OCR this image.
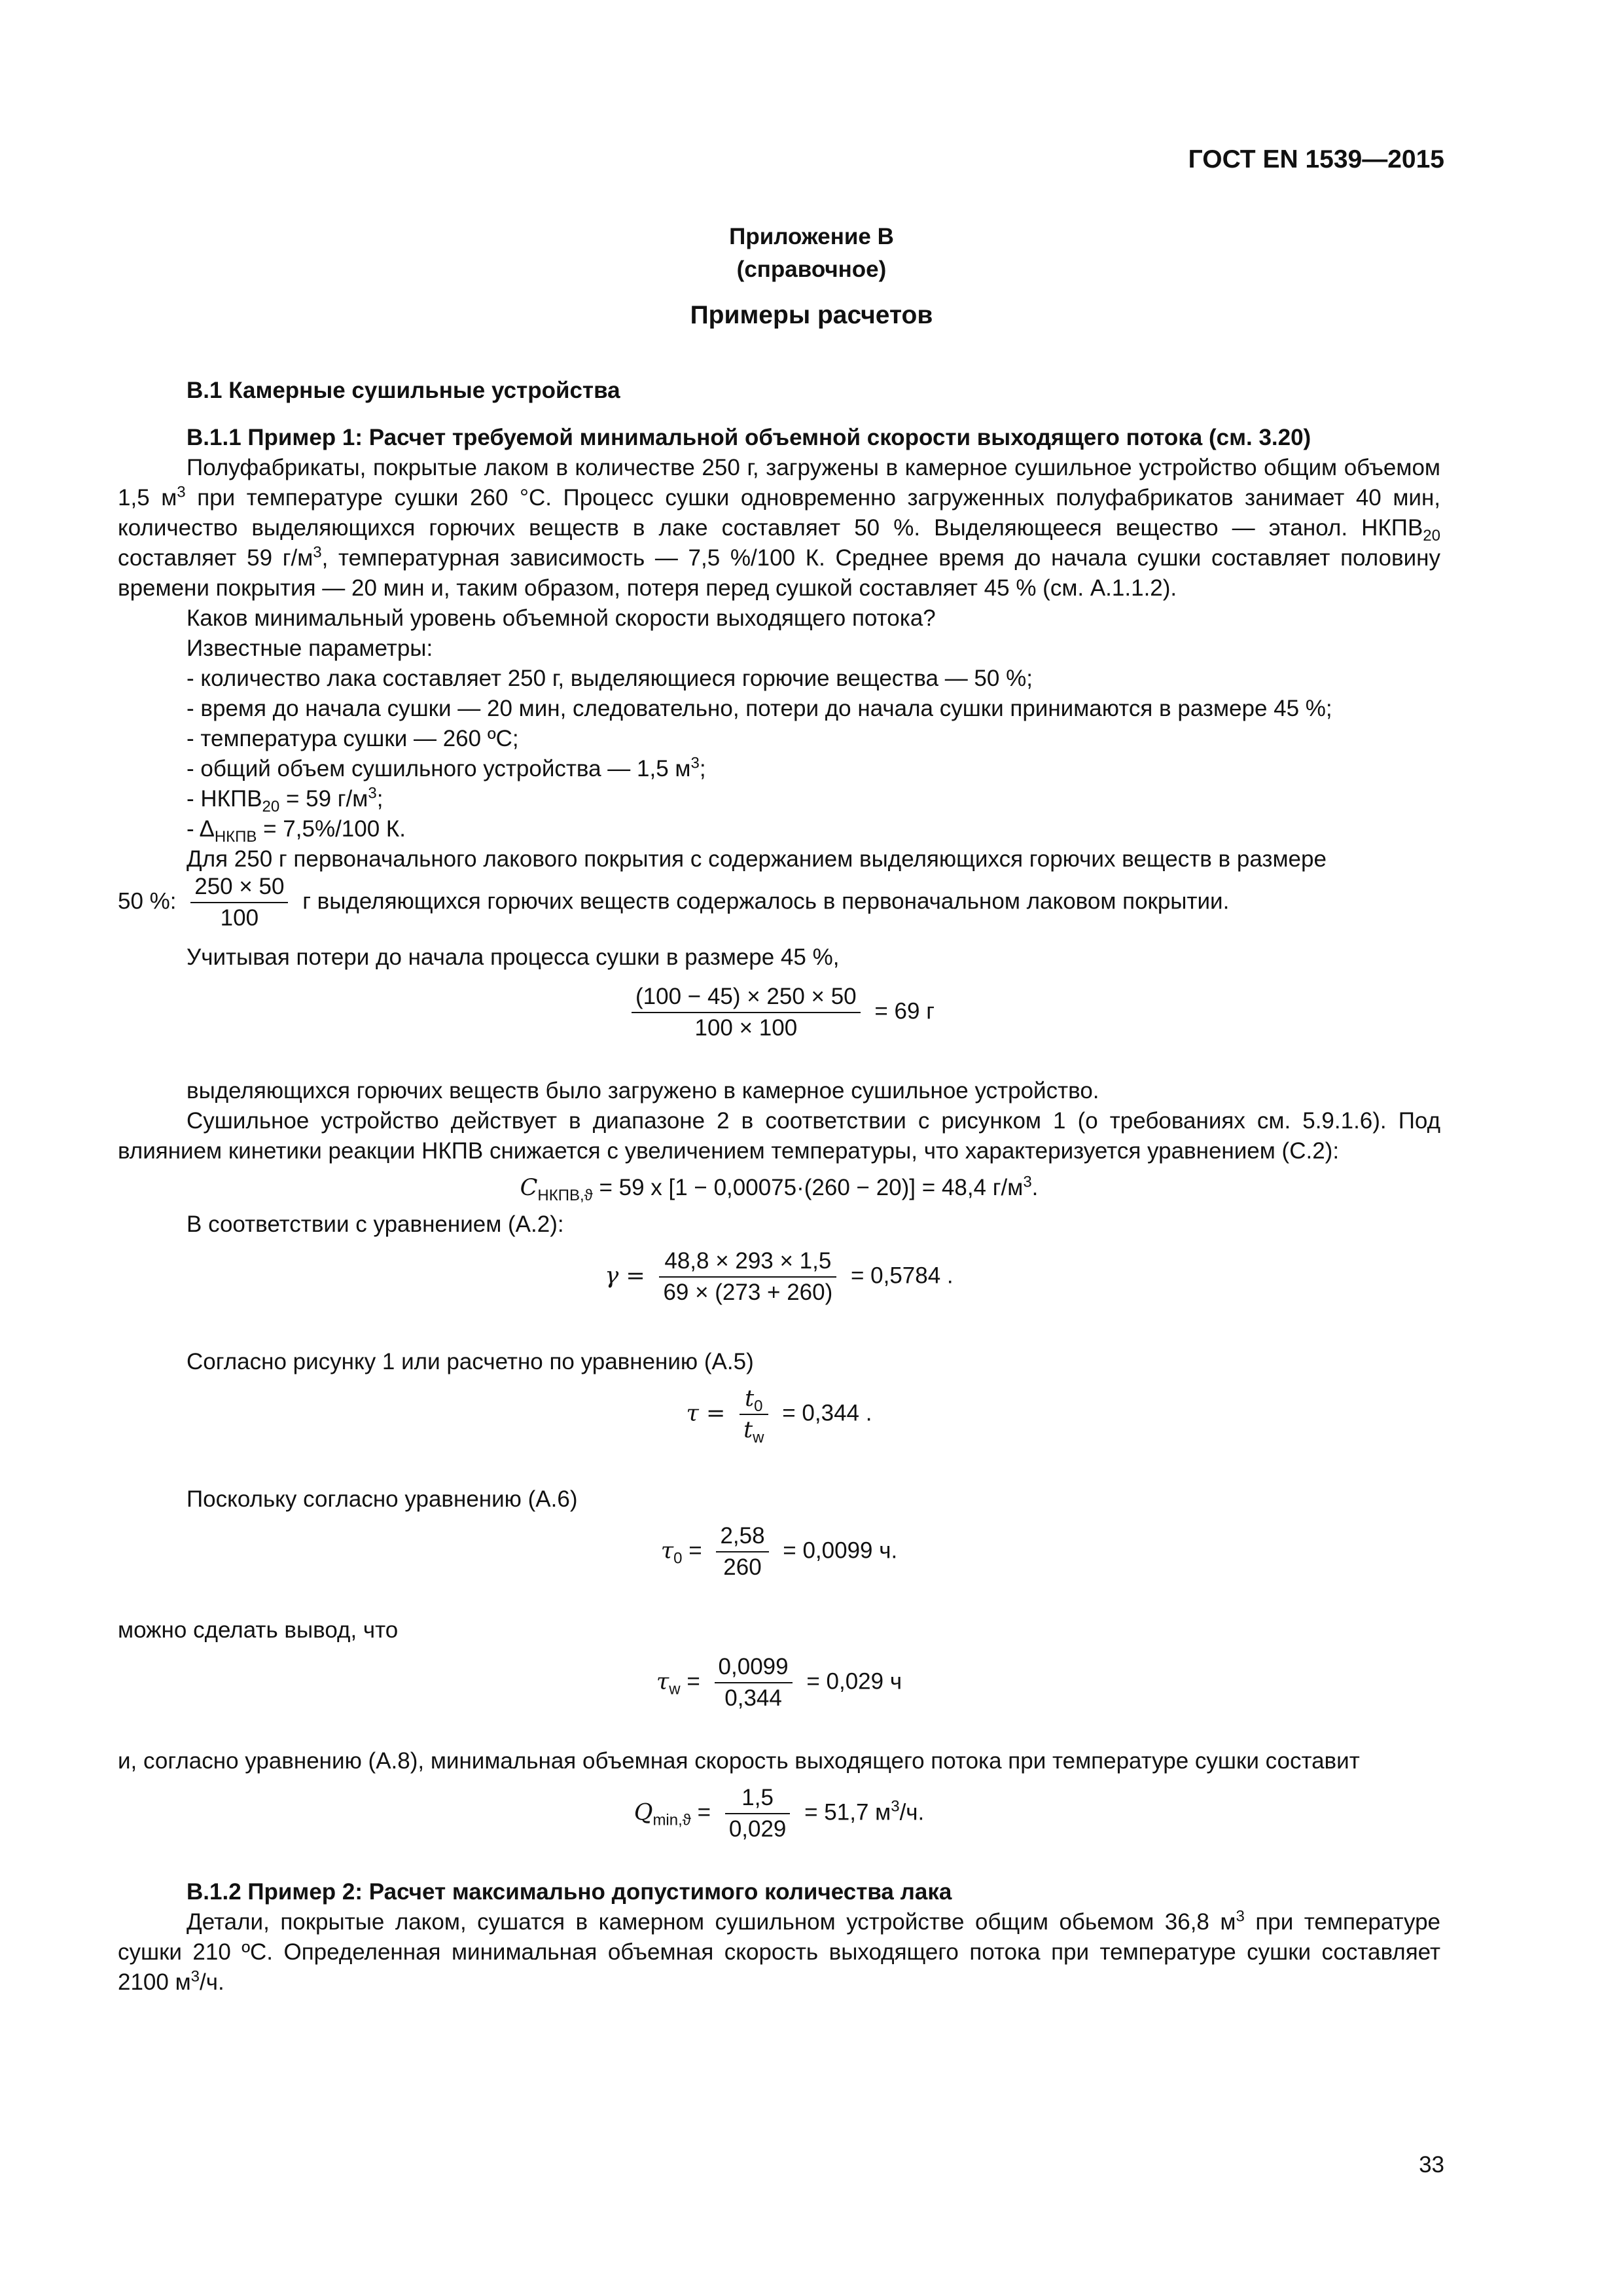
ГОСТ EN 1539—2015
Приложение В
(справочное)
Примеры расчетов

В.1 Камерные сушильные устройства

В.1.1 Пример 1: Расчет требуемой минимальной объемной скорости выходящего потока (см. 3.20)

Полуфабрикаты, покрытые лаком в количестве 250 г, загружены в камерное сушильное устройство общим объемом 1,5 $м^3$ при температуре сушки 260 °С. Процесс сушки одновременно загруженных полуфабрикатов занимает 40 мин, количество выделяющихся горючих веществ в лаке составляет 50 %. Выделяющееся вещество — этанол. $НКПВ_{20}$ составляет 59 $г/м^3$, температурная зависимость — 7,5 %/100 К. Среднее время до начала сушки составляет половину времени покрытия — 20 мин и, таким образом, потеря перед сушкой составляет 45 % (см. А.1.1.2).

Каков минимальный уровень объемной скорости выходящего потока?

Известные параметры:

- количество лака составляет 250 г, выделяющиеся горючие вещества — 50 %;
- время до начала сушки — 20 мин, следовательно, потери до начала сушки принимаются в размере 45 %;
- температура сушки — 260 ºС;
- общий объем сушильного устройства — 1,5 $м^3$;
- $НКПВ_{20} = 59$ $г/м^3$;
- $\Delta_{НКПВ} = 7,5\%/100$ К.

Для 250 г первоначального лакового покрытия с содержанием выделяющихся горючих веществ в размере

50 %: $\frac{250 \times 50}{100}$ г выделяющихся горючих веществ содержалось в первоначальном лаковом покрытии.

Учитывая потери до начала процесса сушки в размере 45 %,

$\frac{(100 - 45) \times 250 \times 50}{100 \times 100} = 69$ г

выделяющихся горючих веществ было загружено в камерное сушильное устройство.

Сушильное устройство действует в диапазоне 2 в соответствии с рисунком 1 (о требованиях см. 5.9.1.6). Под влиянием кинетики реакции НКПВ снижается с увеличением температуры, что характеризуется уравнением (С.2):

$C_{НКПВ,ϑ} = 59$ х [1 − 0,00075·(260 − 20)] = 48,4 $г/м^3$.

В соответствии с уравнением (А.2):

$\gamma = \frac{48,8 \times 293 \times 1,5}{69 \times (273 + 260)} = 0,5784$ .

Согласно рисунку 1 или расчетно по уравнению (А.5)

$\tau = \frac{t_0}{t_w} = 0,344$ .

Поскольку согласно уравнению (А.6)

$\tau_0 = \frac{2,58}{260} = 0,0099$ ч.

можно сделать вывод, что

$\tau_w = \frac{0,0099}{0,344} = 0,029$ ч

и, согласно уравнению (А.8), минимальная объемная скорость выходящего потока при температуре сушки составит

$Q_{min,ϑ} = \frac{1,5}{0,029} = 51,7$ $м^3/ч$.

В.1.2 Пример 2: Расчет максимально допустимого количества лака

Детали, покрытые лаком, сушатся в камерном сушильном устройстве общим обьемом 36,8 $м^3$ при температуре сушки 210 ºС. Определенная минимальная объемная скорость выходящего потока при температуре сушки составляет 2100 $м^3/ч$.

33
